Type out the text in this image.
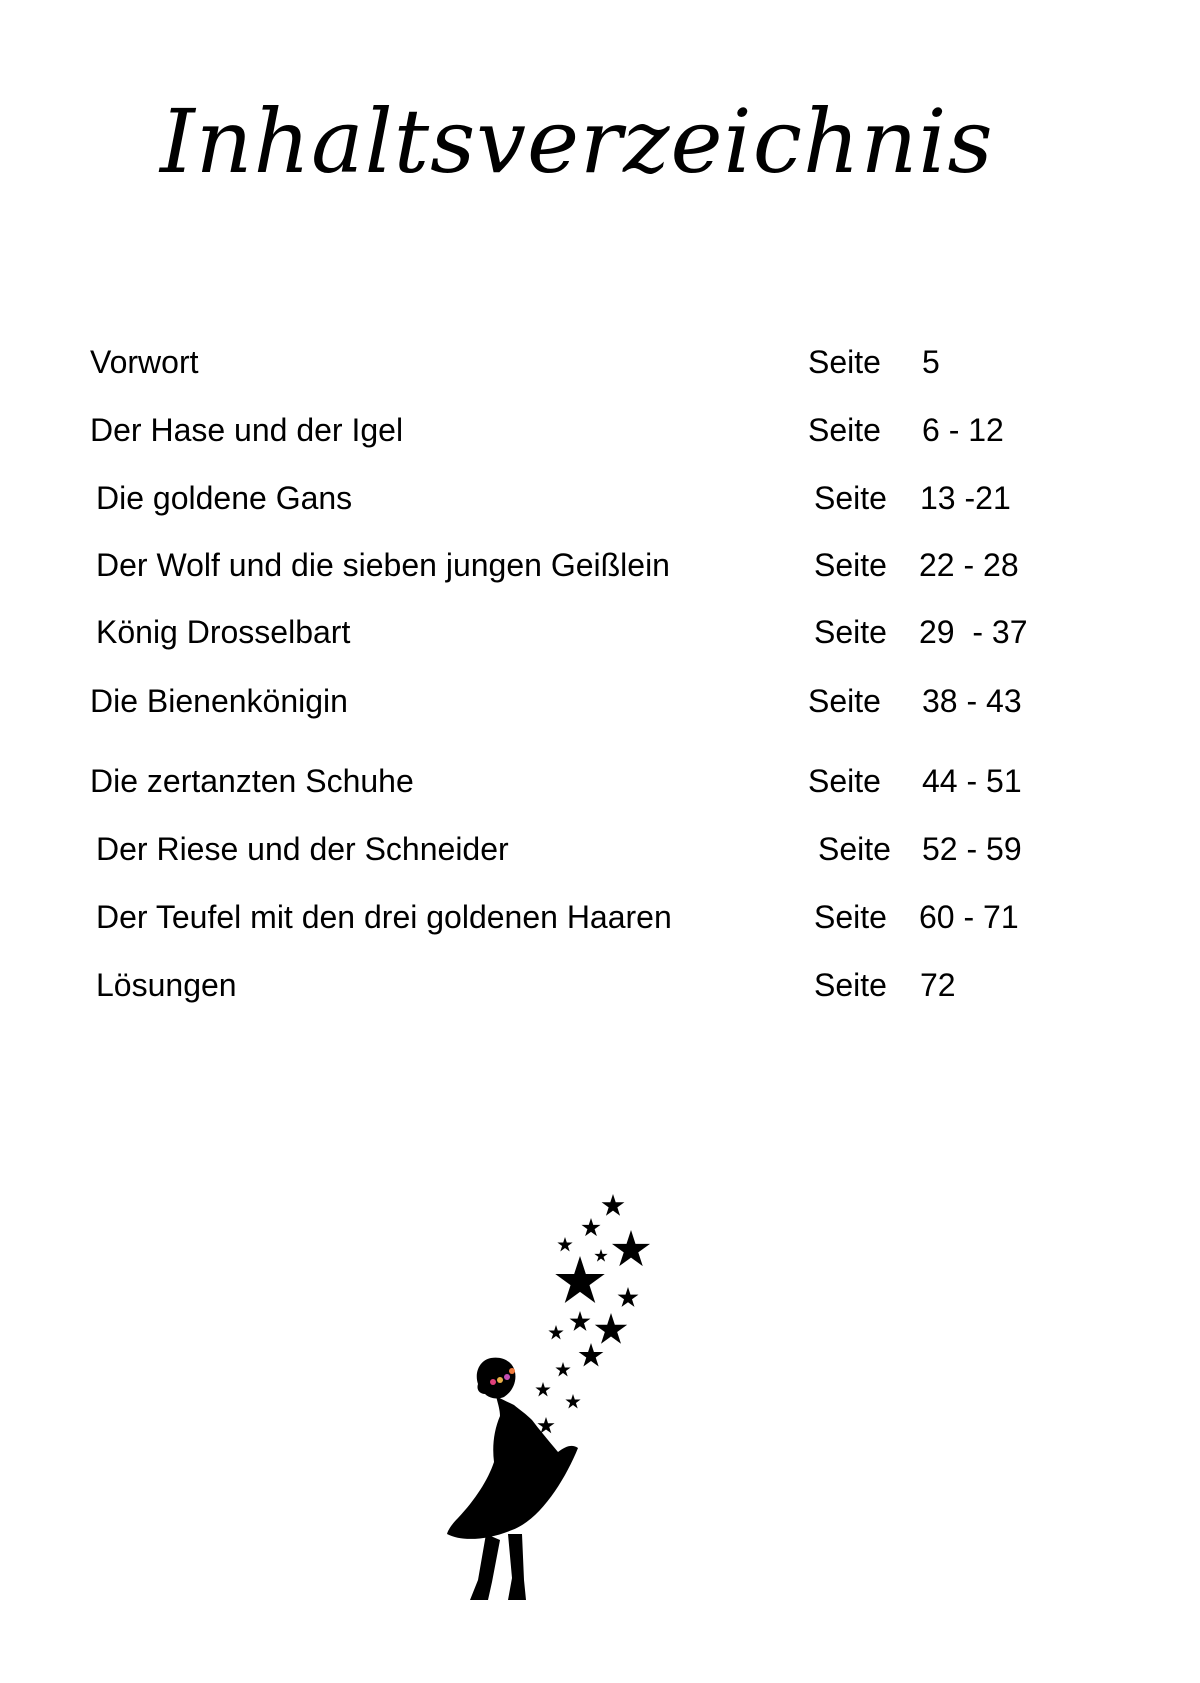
Inhaltsverzeichnis
Vorwort	Seite 5
Der Hase und der Igel	Seite 6 - 12
Die goldene Gans	Seite 13 -21
Der Wolf und die sieben jungen Geißlein	Seite 22 - 28
König Drosselbart	Seite 29  - 37
Die Bienenkönigin	Seite 38 - 43
Die zertanzten Schuhe	Seite 44 - 51
Der Riese und der Schneider	Seite 52 - 59
Der Teufel mit den drei goldenen Haaren	Seite 60 - 71
Lösungen	Seite 72
